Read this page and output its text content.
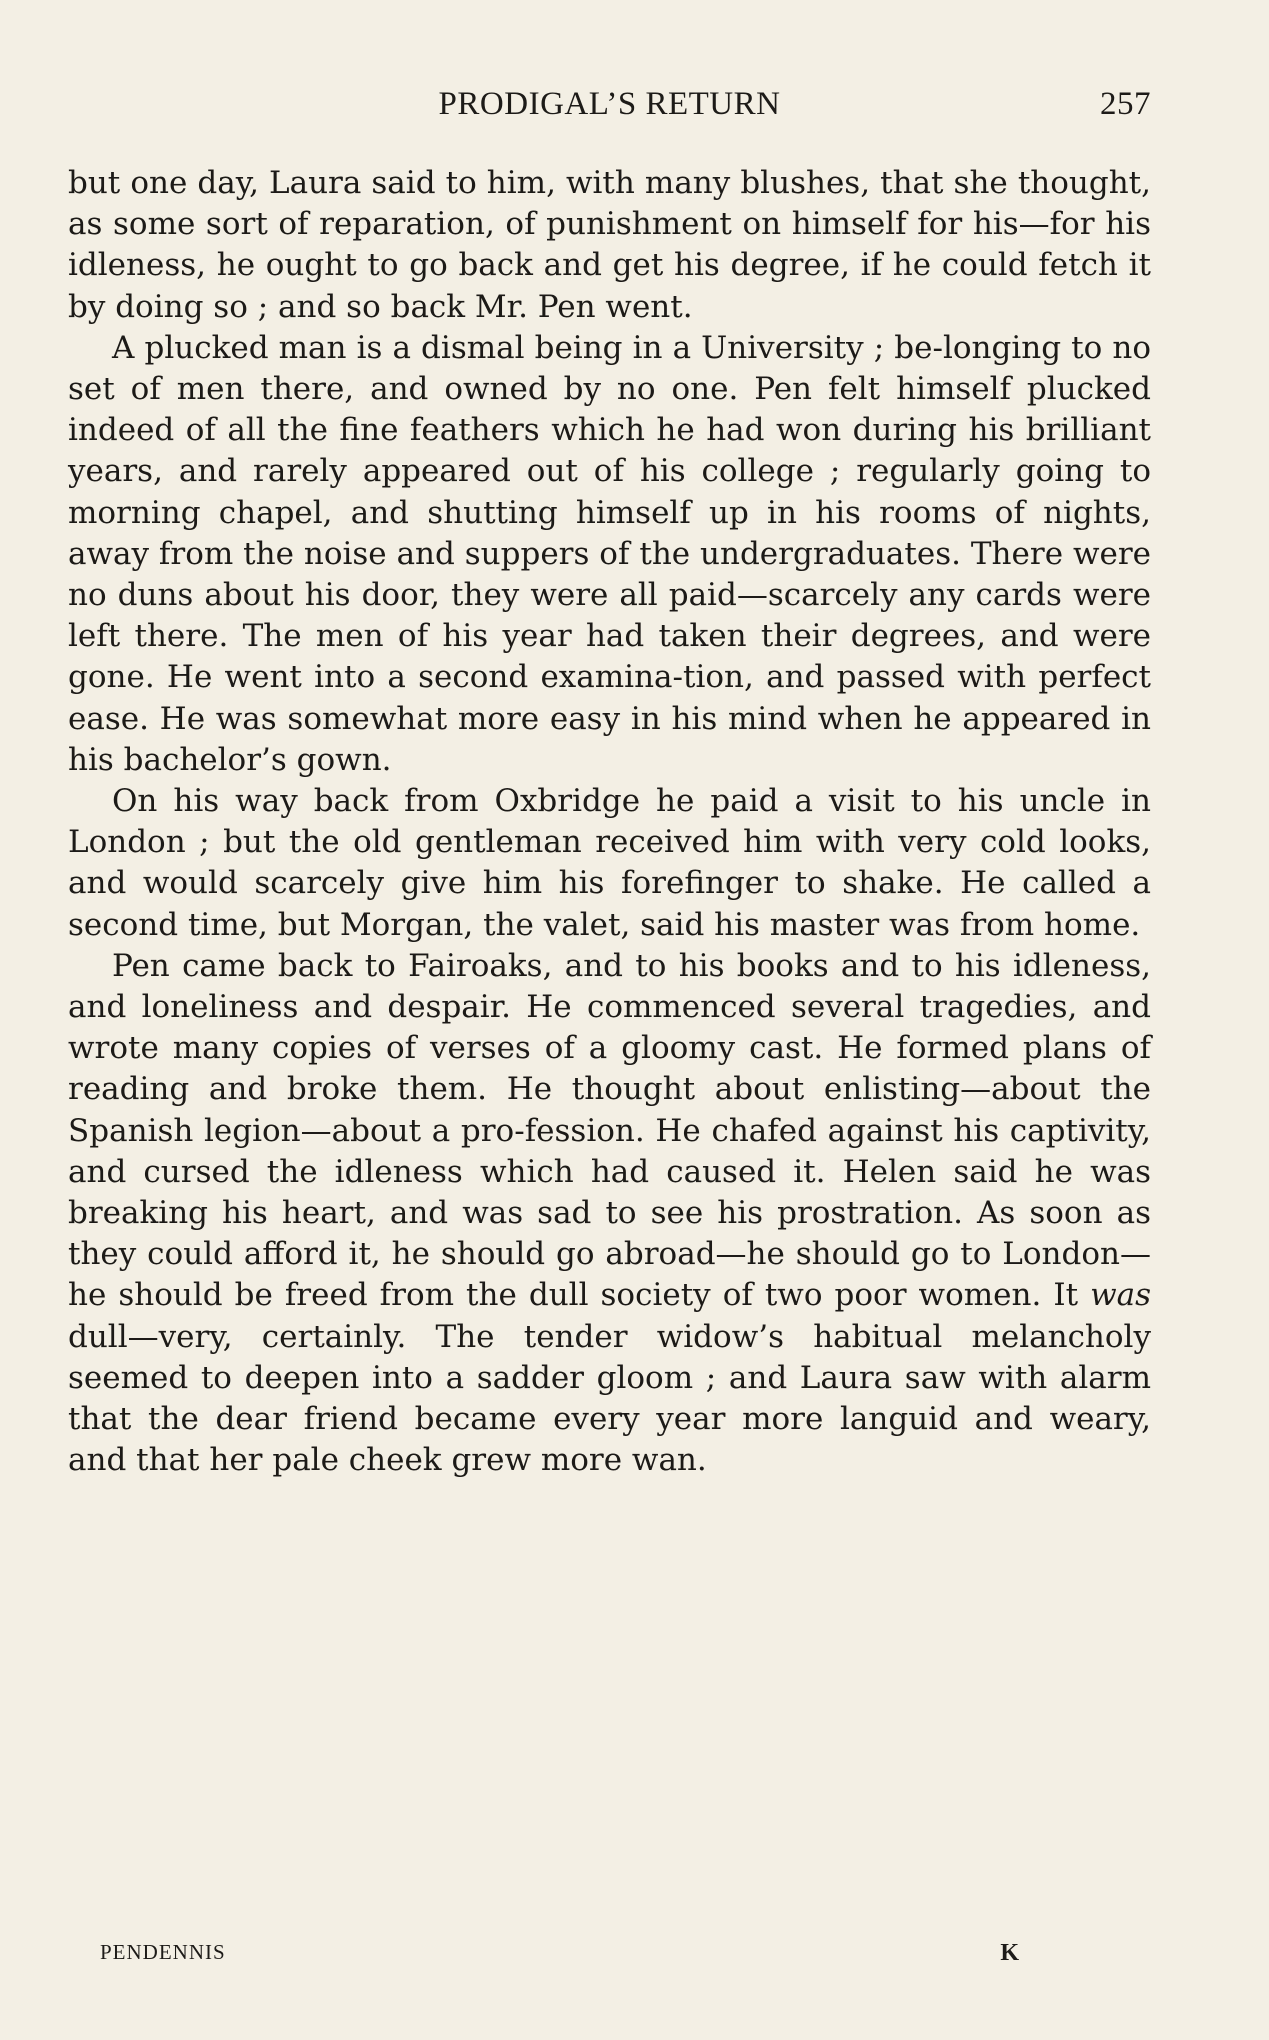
PRODIGAL’S RETURN	257

but one day, Laura said to him, with many blushes, that she thought, as some sort of reparation, of punishment on himself for his—for his idleness, he ought to go back and get his degree, if he could fetch it by doing so ; and so back Mr. Pen went.

A plucked man is a dismal being in a University ; be-longing to no set of men there, and owned by no one. Pen felt himself plucked indeed of all the fine feathers which he had won during his brilliant years, and rarely appeared out of his college ; regularly going to morning chapel, and shutting himself up in his rooms of nights, away from the noise and suppers of the undergraduates. There were no duns about his door, they were all paid—scarcely any cards were left there. The men of his year had taken their degrees, and were gone. He went into a second examina-tion, and passed with perfect ease. He was somewhat more easy in his mind when he appeared in his bachelor’s gown.

On his way back from Oxbridge he paid a visit to his uncle in London ; but the old gentleman received him with very cold looks, and would scarcely give him his forefinger to shake. He called a second time, but Morgan, the valet, said his master was from home.

Pen came back to Fairoaks, and to his books and to his idleness, and loneliness and despair. He commenced several tragedies, and wrote many copies of verses of a gloomy cast. He formed plans of reading and broke them. He thought about enlisting—about the Spanish legion—about a pro-fession. He chafed against his captivity, and cursed the idleness which had caused it. Helen said he was breaking his heart, and was sad to see his prostration. As soon as they could afford it, he should go abroad—he should go to London—he should be freed from the dull society of two poor women. It was dull—very, certainly. The tender widow’s habitual melancholy seemed to deepen into a sadder gloom ; and Laura saw with alarm that the dear friend became every year more languid and weary, and that her pale cheek grew more wan.

PENDENNIS	K
